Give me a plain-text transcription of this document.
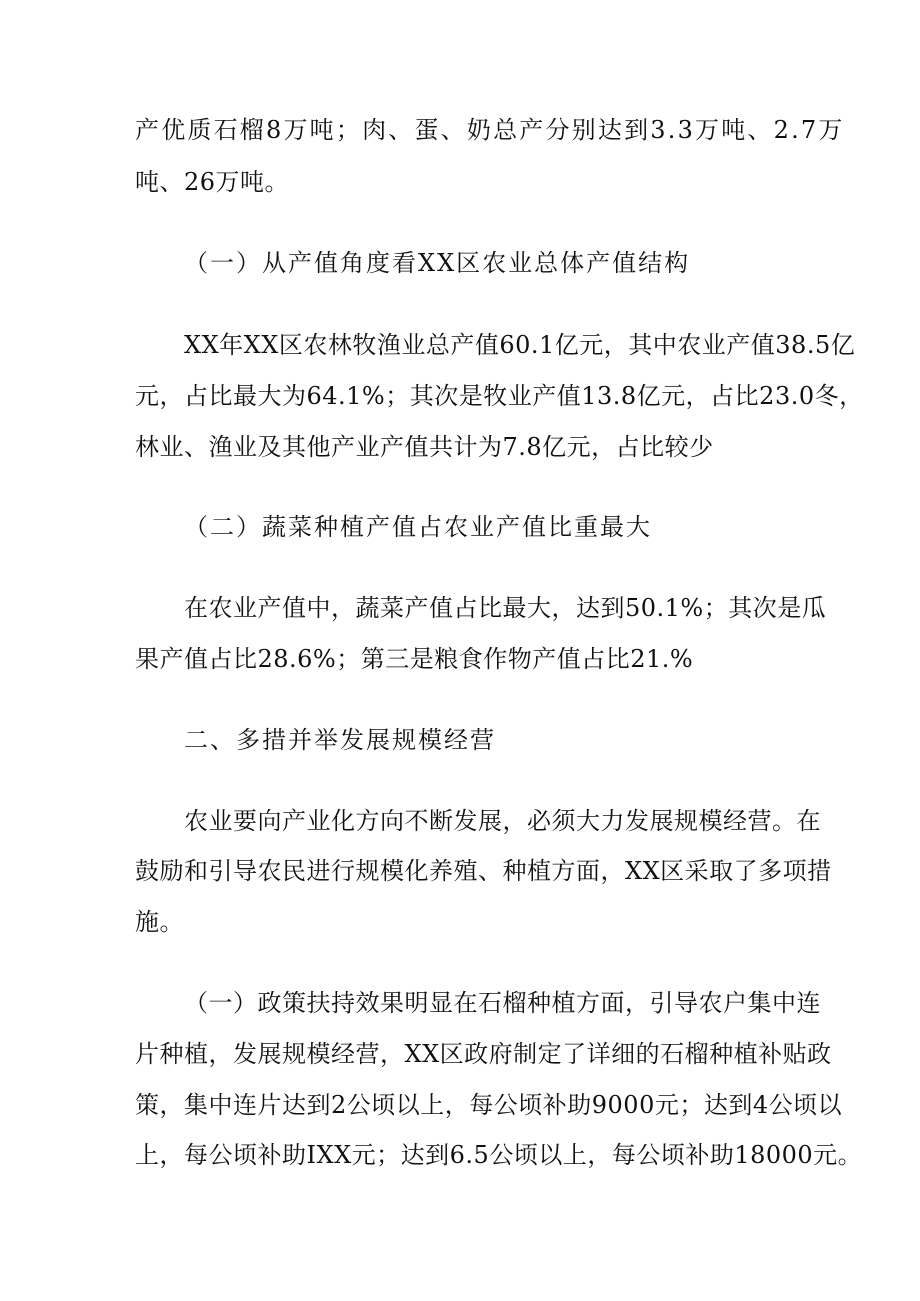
产优质石榴8万吨；肉、蛋、奶总产分别达到3.3万吨、2.7万
吨、26万吨。
（一）从产值角度看XX区农业总体产值结构
XX年XX区农林牧渔业总产值60.1亿元，其中农业产值38.5亿
元，占比最大为64.1%；其次是牧业产值13.8亿元，占比23.0冬，
林业、渔业及其他产业产值共计为7.8亿元，占比较少
（二）蔬菜种植产值占农业产值比重最大
在农业产值中，蔬菜产值占比最大，达到50.1%；其次是瓜
果产值占比28.6%；第三是粮食作物产值占比21.%
二、多措并举发展规模经营
农业要向产业化方向不断发展，必须大力发展规模经营。在
鼓励和引导农民进行规模化养殖、种植方面，XX区采取了多项措
施。
（一）政策扶持效果明显在石榴种植方面，引导农户集中连
片种植，发展规模经营，XX区政府制定了详细的石榴种植补贴政
策，集中连片达到2公顷以上，每公顷补助9000元；达到4公顷以
上，每公顷补助IXX元；达到6.5公顷以上，每公顷补助18000元。
